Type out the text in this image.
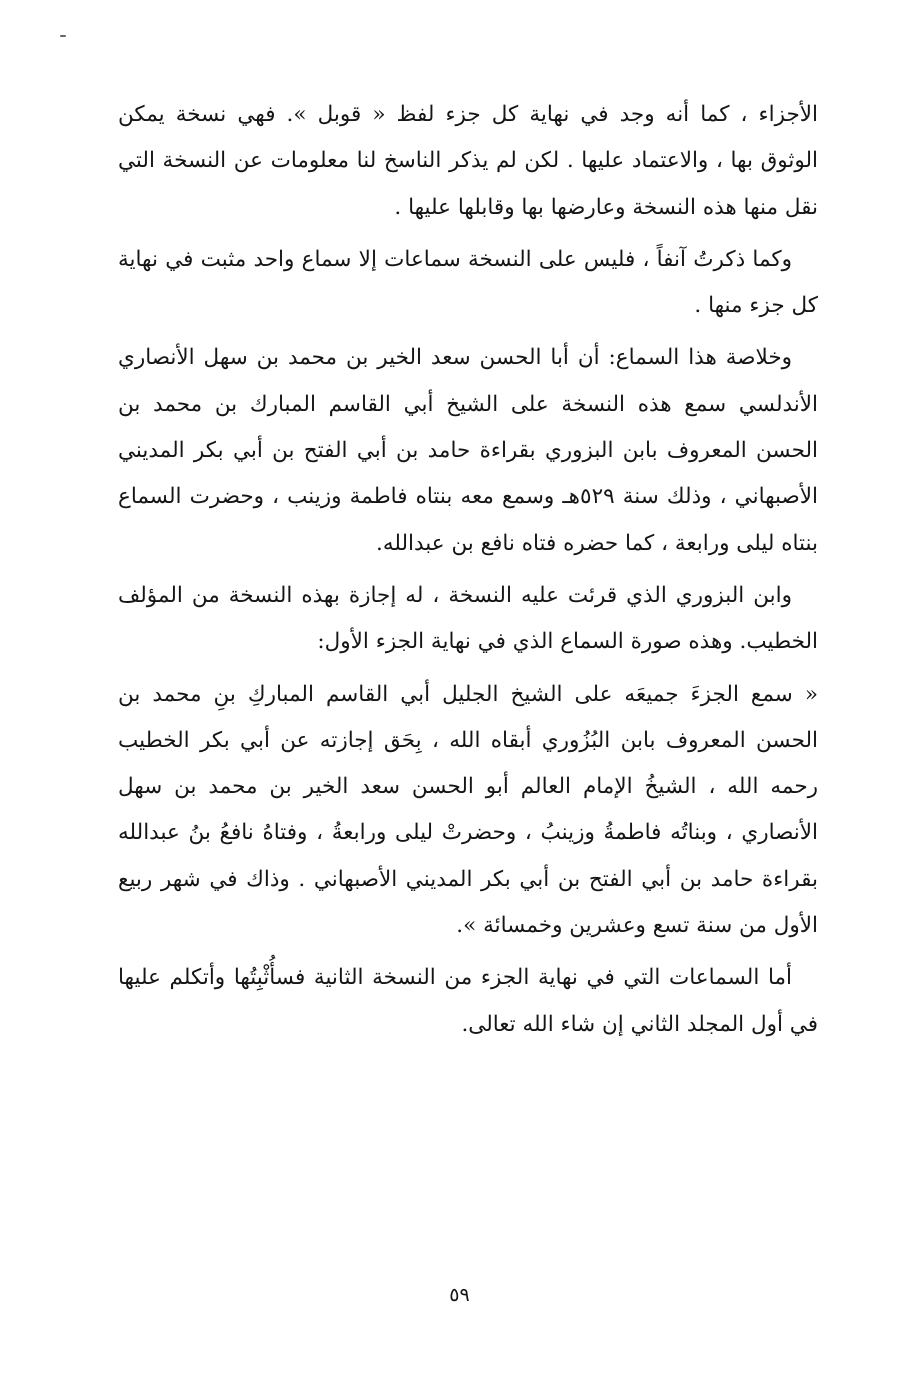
الأجزاء ، كما أنه وجد في نهاية كل جزء لفظ « قوبل ». فهي نسخة يمكن الوثوق بها ، والاعتماد عليها . لكن لم يذكر الناسخ لنا معلومات عن النسخة التي نقل منها هذه النسخة وعارضها بها وقابلها عليها .

وكما ذكرتُ آنفاً ، فليس على النسخة سماعات إلا سماع واحد مثبت في نهاية كل جزء منها .

وخلاصة هذا السماع: أن أبا الحسن سعد الخير بن محمد بن سهل الأنصاري الأندلسي سمع هذه النسخة على الشيخ أبي القاسم المبارك بن محمد بن الحسن المعروف بابن البزوري بقراءة حامد بن أبي الفتح بن أبي بكر المديني الأصبهاني ، وذلك سنة ٥٢٩هـ وسمع معه بنتاه فاطمة وزينب ، وحضرت السماع بنتاه ليلى ورابعة ، كما حضره فتاه نافع بن عبدالله.

وابن البزوري الذي قرئت عليه النسخة ، له إجازة بهذه النسخة من المؤلف الخطيب. وهذه صورة السماع الذي في نهاية الجزء الأول:

« سمع الجزءَ جميعَه على الشيخ الجليل أبي القاسم المباركِ بنِ محمد بن الحسن المعروف بابن البُزُوري أبقاه الله ، بِحَق إجازته عن أبي بكر الخطيب رحمه الله ، الشيخُ الإمام العالم أبو الحسن سعد الخير بن محمد بن سهل الأنصاري ، وبناتُه فاطمةُ وزينبُ ، وحضرتْ ليلى ورابعةُ ، وفتاهُ نافعُ بنُ عبدالله بقراءة حامد بن أبي الفتح بن أبي بكر المديني الأصبهاني . وذاك في شهر ربيع الأول من سنة تسع وعشرين وخمسائة ».

أما السماعات التي في نهاية الجزء من النسخة الثانية فسأُثْبِتُها وأتكلم عليها في أول المجلد الثاني إن شاء الله تعالى.

٥٩
